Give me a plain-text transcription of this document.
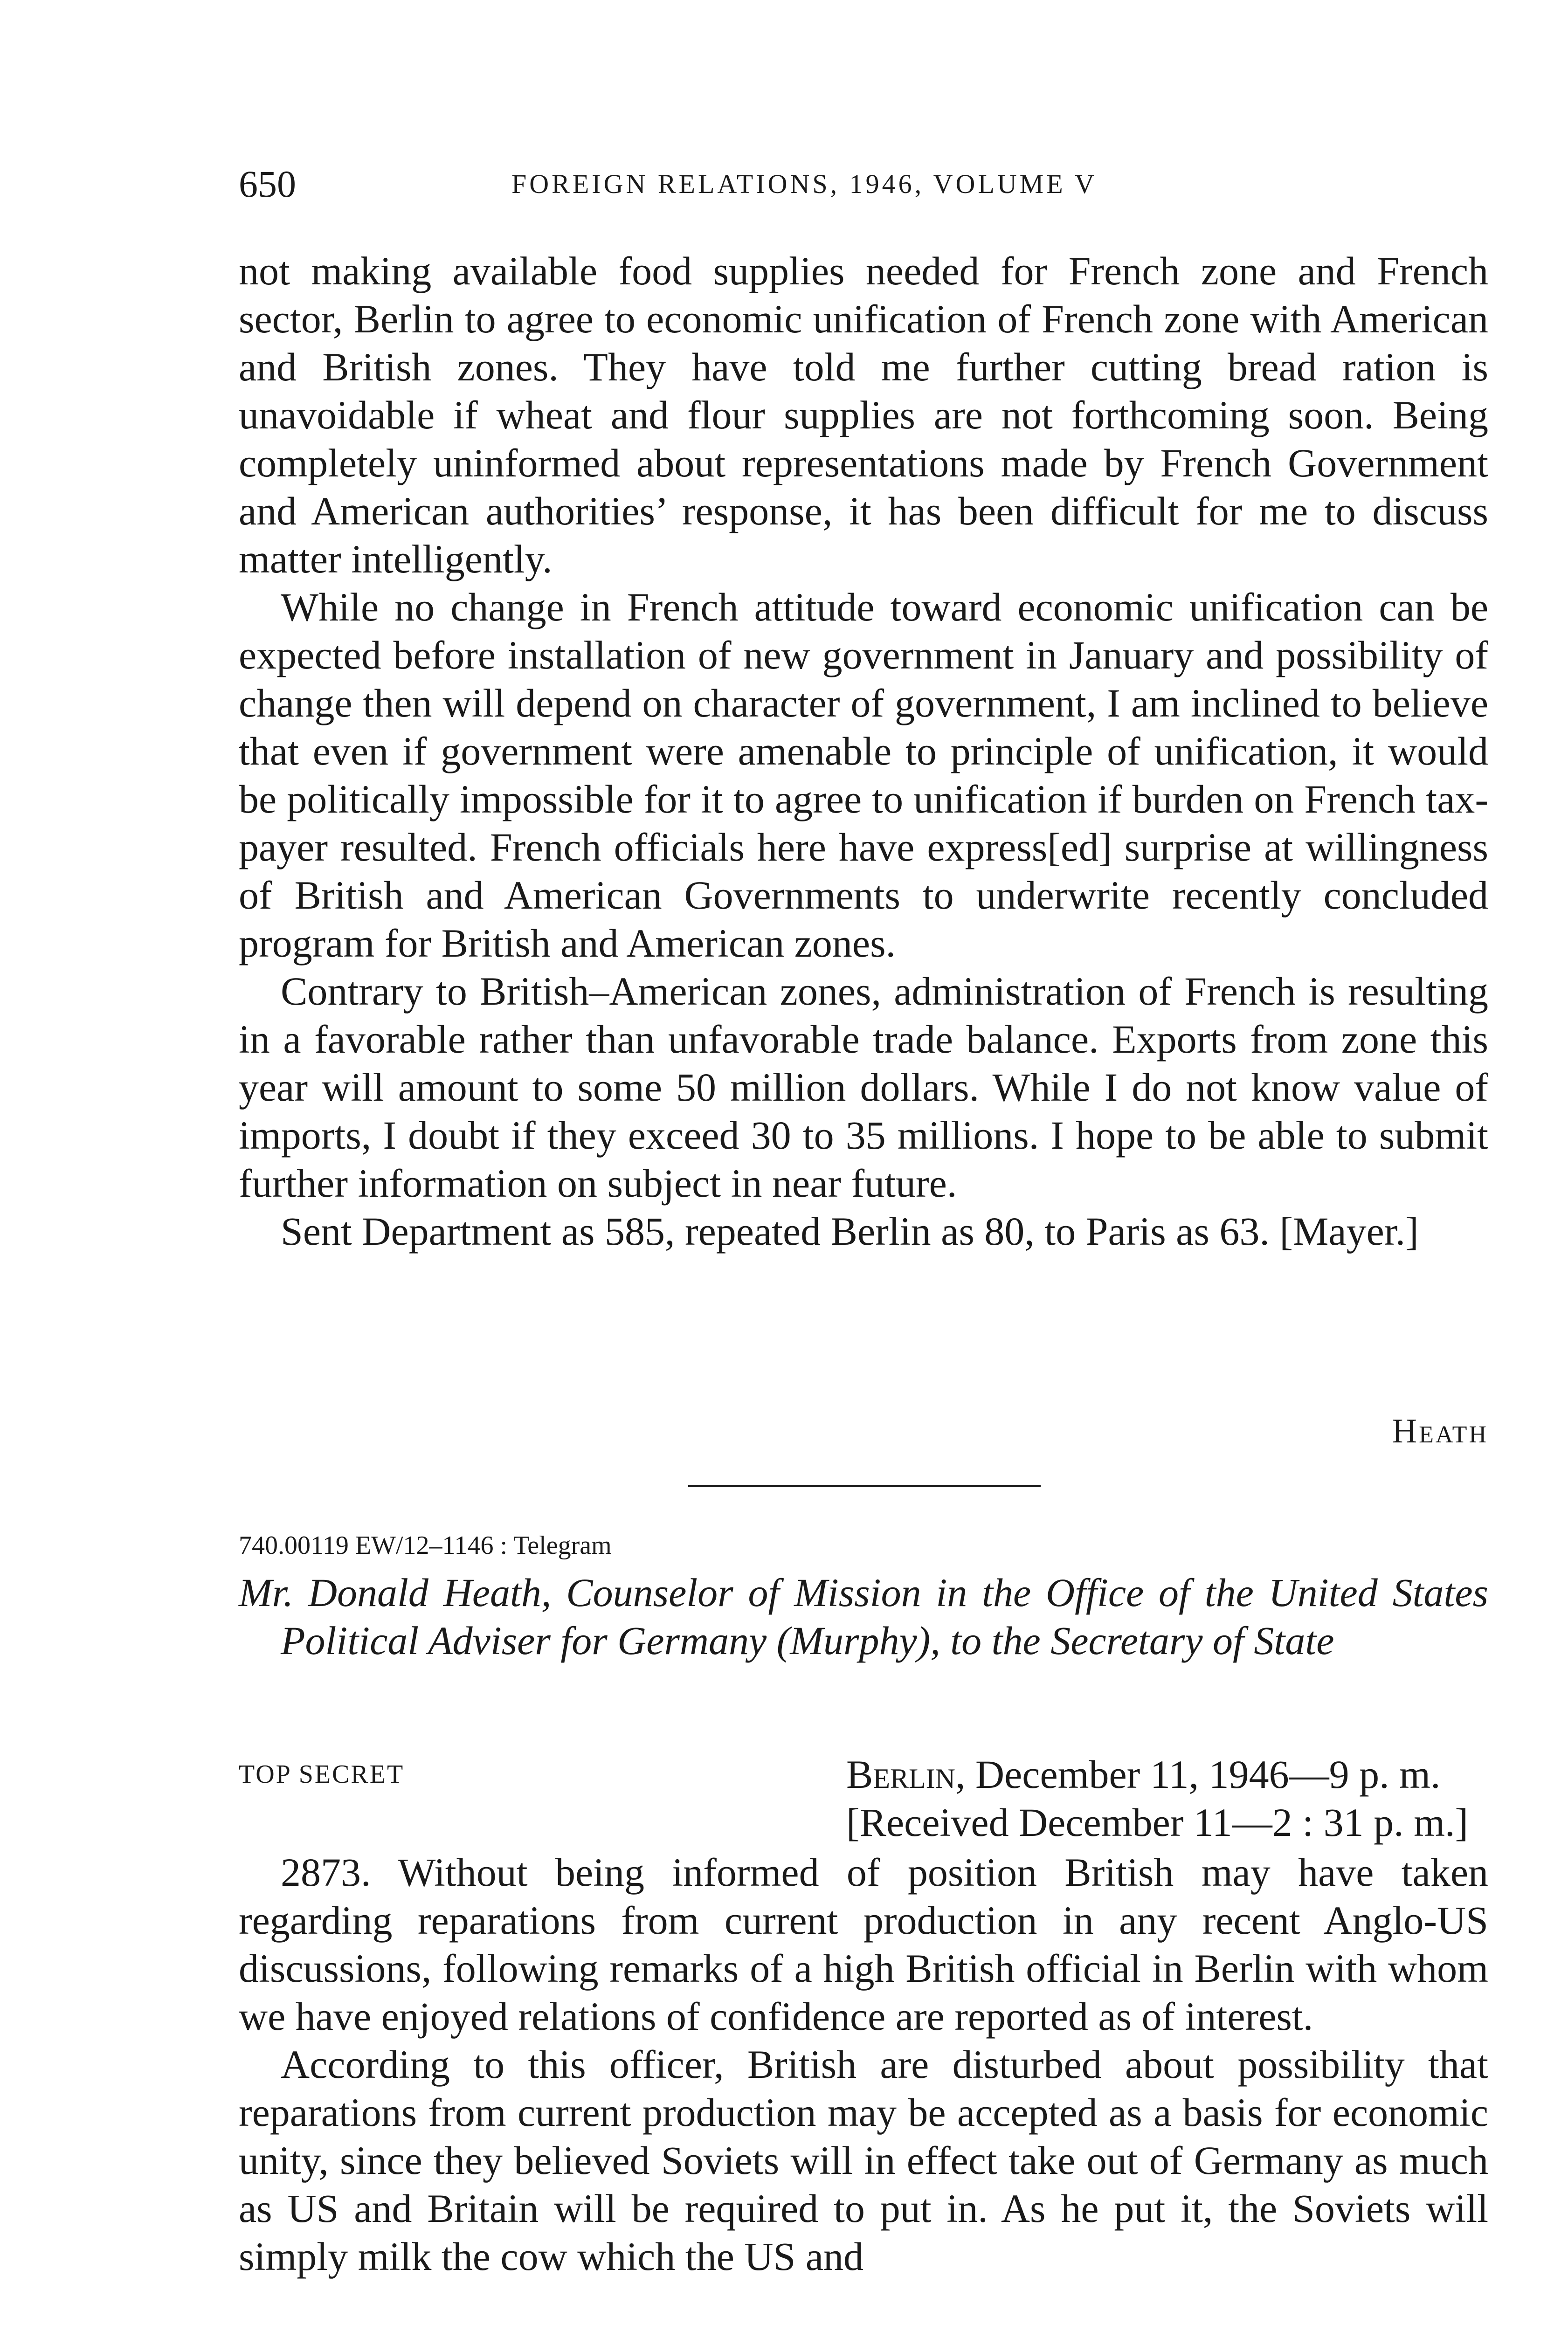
650	FOREIGN RELATIONS, 1946, VOLUME V

not making available food supplies needed for French zone and French sector, Berlin to agree to economic unification of French zone with American and British zones. They have told me further cutting bread ration is unavoidable if wheat and flour supplies are not forthcoming soon. Being completely uninformed about representations made by French Government and American authorities’ response, it has been difficult for me to discuss matter intelligently.

While no change in French attitude toward economic unification can be expected before installation of new government in January and possibility of change then will depend on character of government, I am inclined to believe that even if government were amenable to principle of unification, it would be politically impossible for it to agree to unification if burden on French tax-payer resulted. French officials here have express[ed] surprise at willingness of British and American Governments to underwrite recently concluded program for British and American zones.

Contrary to British–American zones, administration of French is resulting in a favorable rather than unfavorable trade balance. Exports from zone this year will amount to some 50 million dollars. While I do not know value of imports, I doubt if they exceed 30 to 35 millions. I hope to be able to submit further information on subject in near future.

Sent Department as 585, repeated Berlin as 80, to Paris as 63. [Mayer.]

Heath
740.00119 EW/12–1146 : Telegram
Mr. Donald Heath, Counselor of Mission in the Office of the United States Political Adviser for Germany (Murphy), to the Secretary of State
TOP SECRET	Berlin, December 11, 1946—9 p. m.
[Received December 11—2 : 31 p. m.]

2873. Without being informed of position British may have taken regarding reparations from current production in any recent Anglo-US discussions, following remarks of a high British official in Berlin with whom we have enjoyed relations of confidence are reported as of interest.

According to this officer, British are disturbed about possibility that reparations from current production may be accepted as a basis for economic unity, since they believed Soviets will in effect take out of Germany as much as US and Britain will be required to put in. As he put it, the Soviets will simply milk the cow which the US and
